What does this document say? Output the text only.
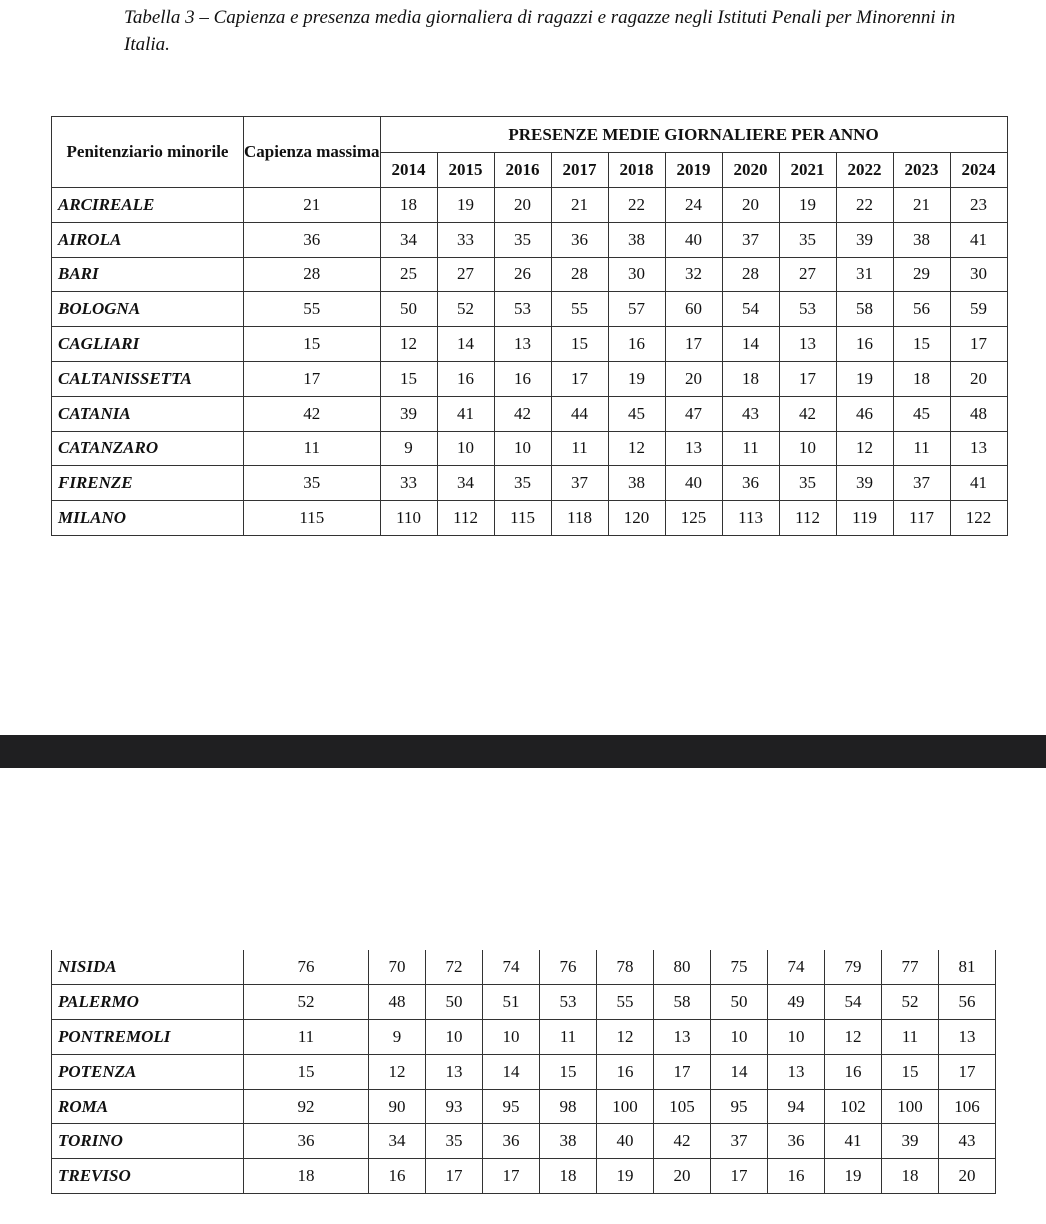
Tabella 3 – Capienza e presenza media giornaliera di ragazzi e ragazze negli Istituti Penali per Minorenni in Italia.

Penitenziario minorile	Capienza massima	PRESENZE MEDIE GIORNALIERE PER ANNO										
		2014	2015	2016	2017	2018	2019	2020	2021	2022	2023	2024
ARCIREALE	21	18	19	20	21	22	24	20	19	22	21	23
AIROLA	36	34	33	35	36	38	40	37	35	39	38	41
BARI	28	25	27	26	28	30	32	28	27	31	29	30
BOLOGNA	55	50	52	53	55	57	60	54	53	58	56	59
CAGLIARI	15	12	14	13	15	16	17	14	13	16	15	17
CALTANISSETTA	17	15	16	16	17	19	20	18	17	19	18	20
CATANIA	42	39	41	42	44	45	47	43	42	46	45	48
CATANZARO	11	9	10	10	11	12	13	11	10	12	11	13
FIRENZE	35	33	34	35	37	38	40	36	35	39	37	41
MILANO	115	110	112	115	118	120	125	113	112	119	117	122
NISIDA	76	70	72	74	76	78	80	75	74	79	77	81
PALERMO	52	48	50	51	53	55	58	50	49	54	52	56
PONTREMOLI	11	9	10	10	11	12	13	10	10	12	11	13
POTENZA	15	12	13	14	15	16	17	14	13	16	15	17
ROMA	92	90	93	95	98	100	105	95	94	102	100	106
TORINO	36	34	35	36	38	40	42	37	36	41	39	43
TREVISO	18	16	17	17	18	19	20	17	16	19	18	20
